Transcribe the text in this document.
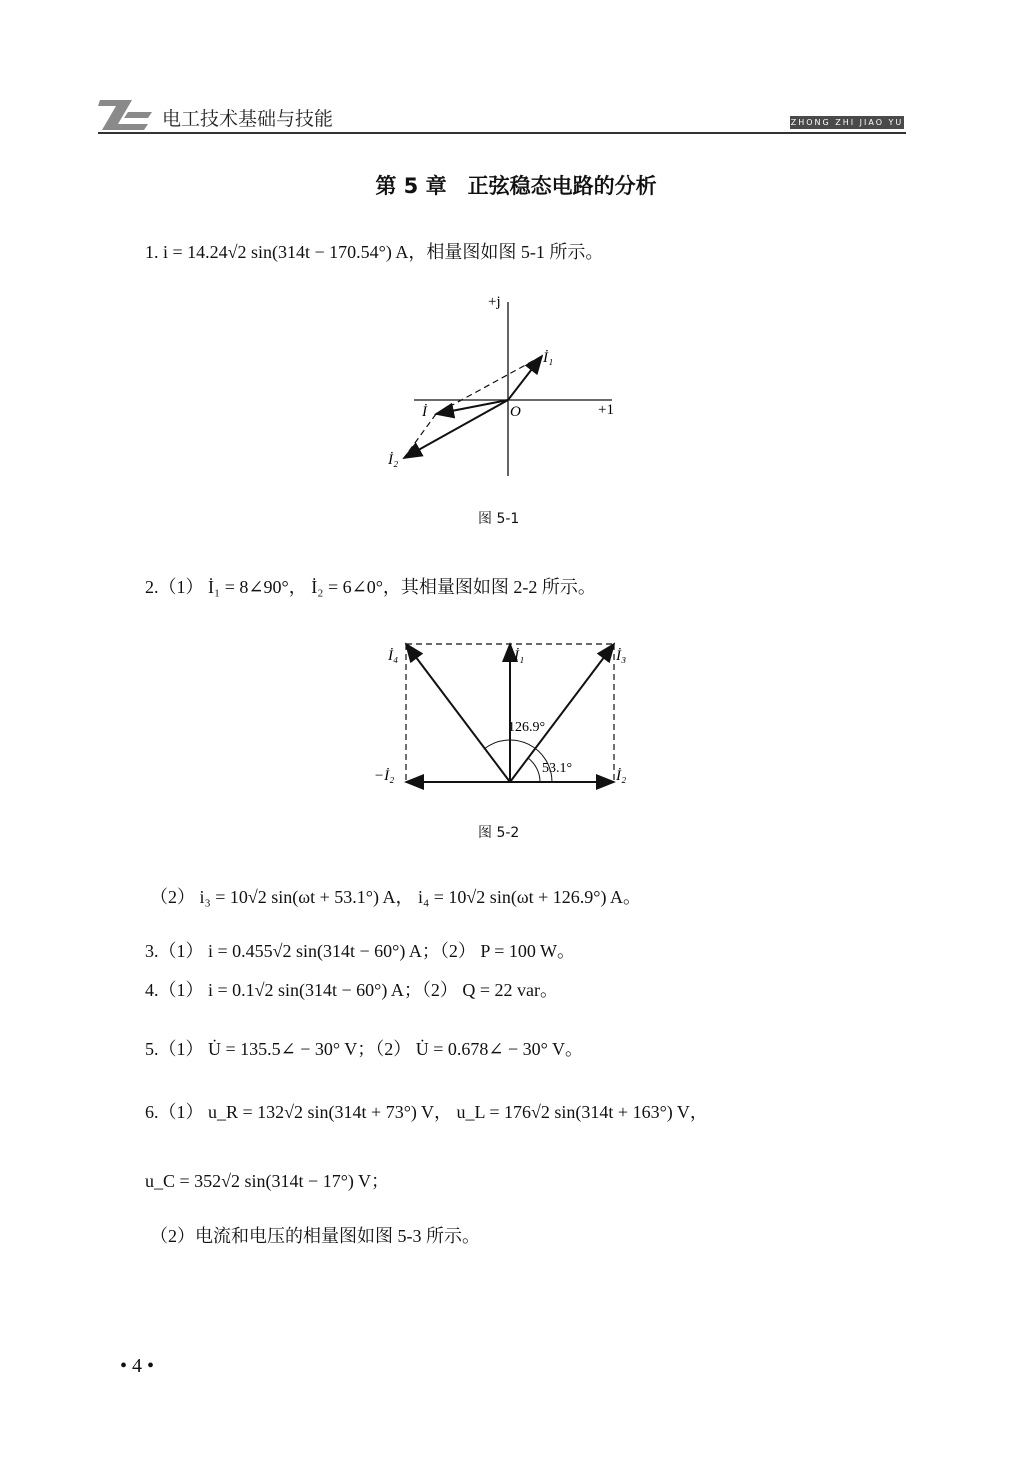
电工技术基础与技能	ZHONG ZHI JIAO YU
第 5 章　正弦稳态电路的分析
1. i = 14.24√2 sin(314t − 170.54°) A，相量图如图 5-1 所示。
+j
+1
O
İ₁
İ
İ₂
图 5-1
2.（1） İ₁ = 8∠90°， İ₂ = 6∠0°，其相量图如图 2-2 所示。
İ₄	İ₁	İ₃
−İ₂	İ₂
126.9°
53.1°
图 5-2
（2） i₃ = 10√2 sin(ωt + 53.1°) A， i₄ = 10√2 sin(ωt + 126.9°) A。
3.（1） i = 0.455√2 sin(314t − 60°) A；（2） P = 100 W。
4.（1） i = 0.1√2 sin(314t − 60°) A；（2） Q = 22 var。
5.（1） U̇ = 135.5∠ − 30° V；（2） U̇ = 0.678∠ − 30° V。
6.（1） u_R = 132√2 sin(314t + 73°) V， u_L = 176√2 sin(314t + 163°) V，
u_C = 352√2 sin(314t − 17°) V；
（2）电流和电压的相量图如图 5-3 所示。
• 4 •
